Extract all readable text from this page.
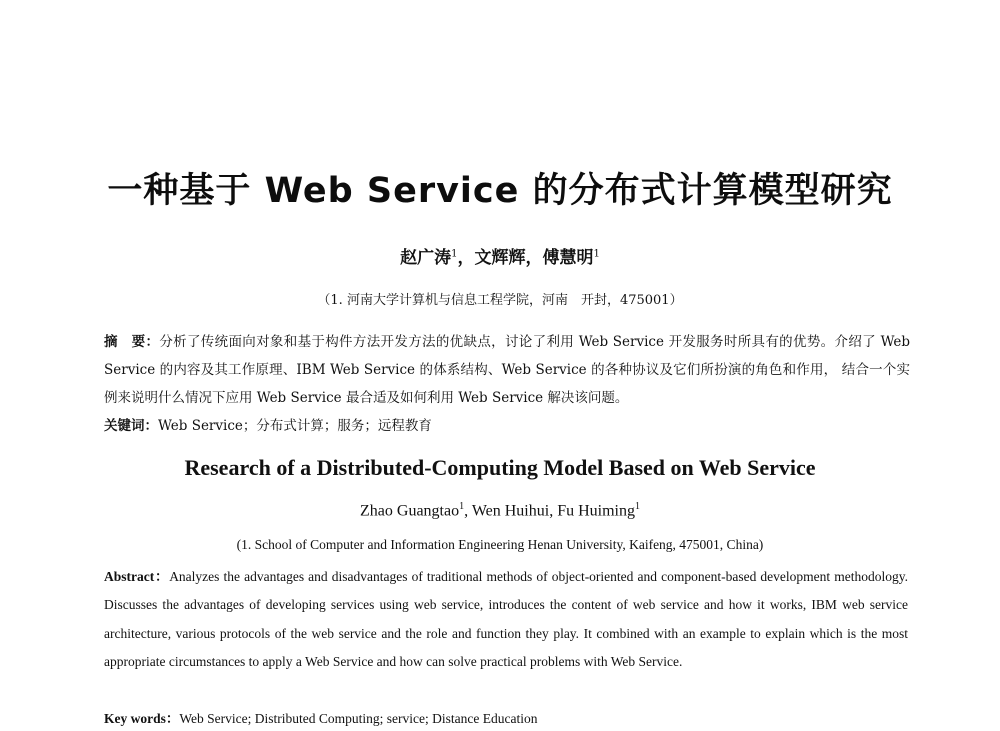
一种基于 Web Service 的分布式计算模型研究
赵广涛$^1$，文辉辉，傅慧明$^1$
（1. 河南大学计算机与信息工程学院，河南　开封，475001）
摘　要：分析了传统面向对象和基于构件方法开发方法的优缺点，讨论了利用 Web Service 开发服务时所具有的优势。介绍了 Web Service 的内容及其工作原理、IBM Web Service 的体系结构、Web Service 的各种协议及它们所扮演的角色和作用， 结合一个实例来说明什么情况下应用 Web Service 最合适及如何利用 Web Service 解决该问题。
关键词：Web Service；分布式计算；服务；远程教育
Research of a Distributed-Computing Model Based on Web Service
Zhao Guangtao$^1$, Wen Huihui, Fu Huiming$^1$
(1. School of Computer and Information Engineering Henan University, Kaifeng, 475001, China)
Abstract：Analyzes the advantages and disadvantages of traditional methods of object-oriented and component-based development methodology. Discusses the advantages of developing services using web service, introduces the content of web service and how it works, IBM web service architecture, various protocols of the web service and the role and function they play. It combined with an example to explain which is the most appropriate circumstances to apply a Web Service and how can solve practical problems with Web Service.
Key words：Web Service; Distributed Computing; service; Distance Education
